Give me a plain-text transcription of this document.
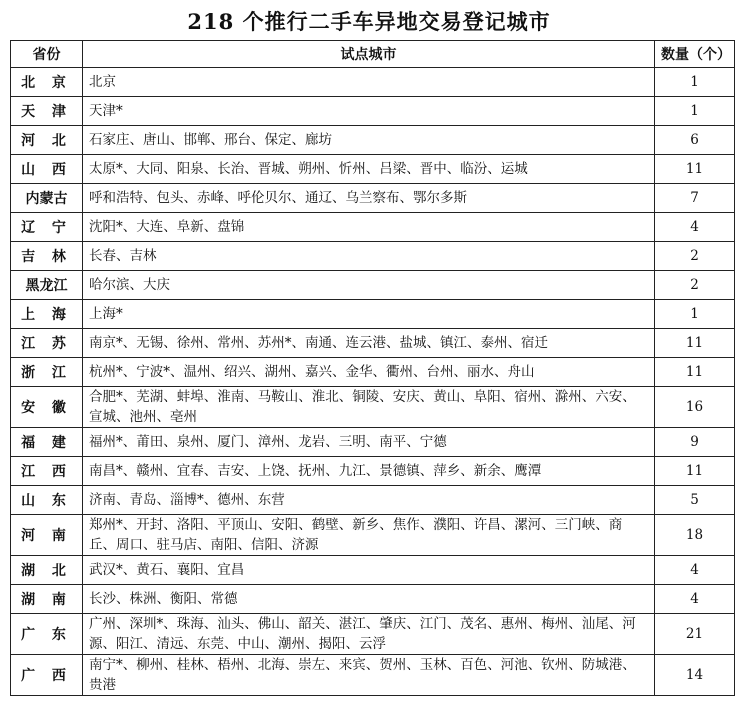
218 个推行二手车异地交易登记城市
省份	试点城市	数量（个）
北 京	北京	1
天 津	天津*	1
河 北	石家庄、唐山、邯郸、邢台、保定、廊坊	6
山 西	太原*、大同、阳泉、长治、晋城、朔州、忻州、吕梁、晋中、临汾、运城	11
内蒙古	呼和浩特、包头、赤峰、呼伦贝尔、通辽、乌兰察布、鄂尔多斯	7
辽 宁	沈阳*、大连、阜新、盘锦	4
吉 林	长春、吉林	2
黑龙江	哈尔滨、大庆	2
上 海	上海*	1
江 苏	南京*、无锡、徐州、常州、苏州*、南通、连云港、盐城、镇江、泰州、宿迁	11
浙 江	杭州*、宁波*、温州、绍兴、湖州、嘉兴、金华、衢州、台州、丽水、舟山	11
安 徽	合肥*、芜湖、蚌埠、淮南、马鞍山、淮北、铜陵、安庆、黄山、阜阳、宿州、滁州、六安、宣城、池州、亳州	16
福 建	福州*、莆田、泉州、厦门、漳州、龙岩、三明、南平、宁德	9
江 西	南昌*、赣州、宜春、吉安、上饶、抚州、九江、景德镇、萍乡、新余、鹰潭	11
山 东	济南、青岛、淄博*、德州、东营	5
河 南	郑州*、开封、洛阳、平顶山、安阳、鹤壁、新乡、焦作、濮阳、许昌、漯河、三门峡、商丘、周口、驻马店、南阳、信阳、济源	18
湖 北	武汉*、黄石、襄阳、宜昌	4
湖 南	长沙、株洲、衡阳、常德	4
广 东	广州、深圳*、珠海、汕头、佛山、韶关、湛江、肇庆、江门、茂名、惠州、梅州、汕尾、河源、阳江、清远、东莞、中山、潮州、揭阳、云浮	21
广 西	南宁*、柳州、桂林、梧州、北海、崇左、来宾、贺州、玉林、百色、河池、钦州、防城港、贵港	14
